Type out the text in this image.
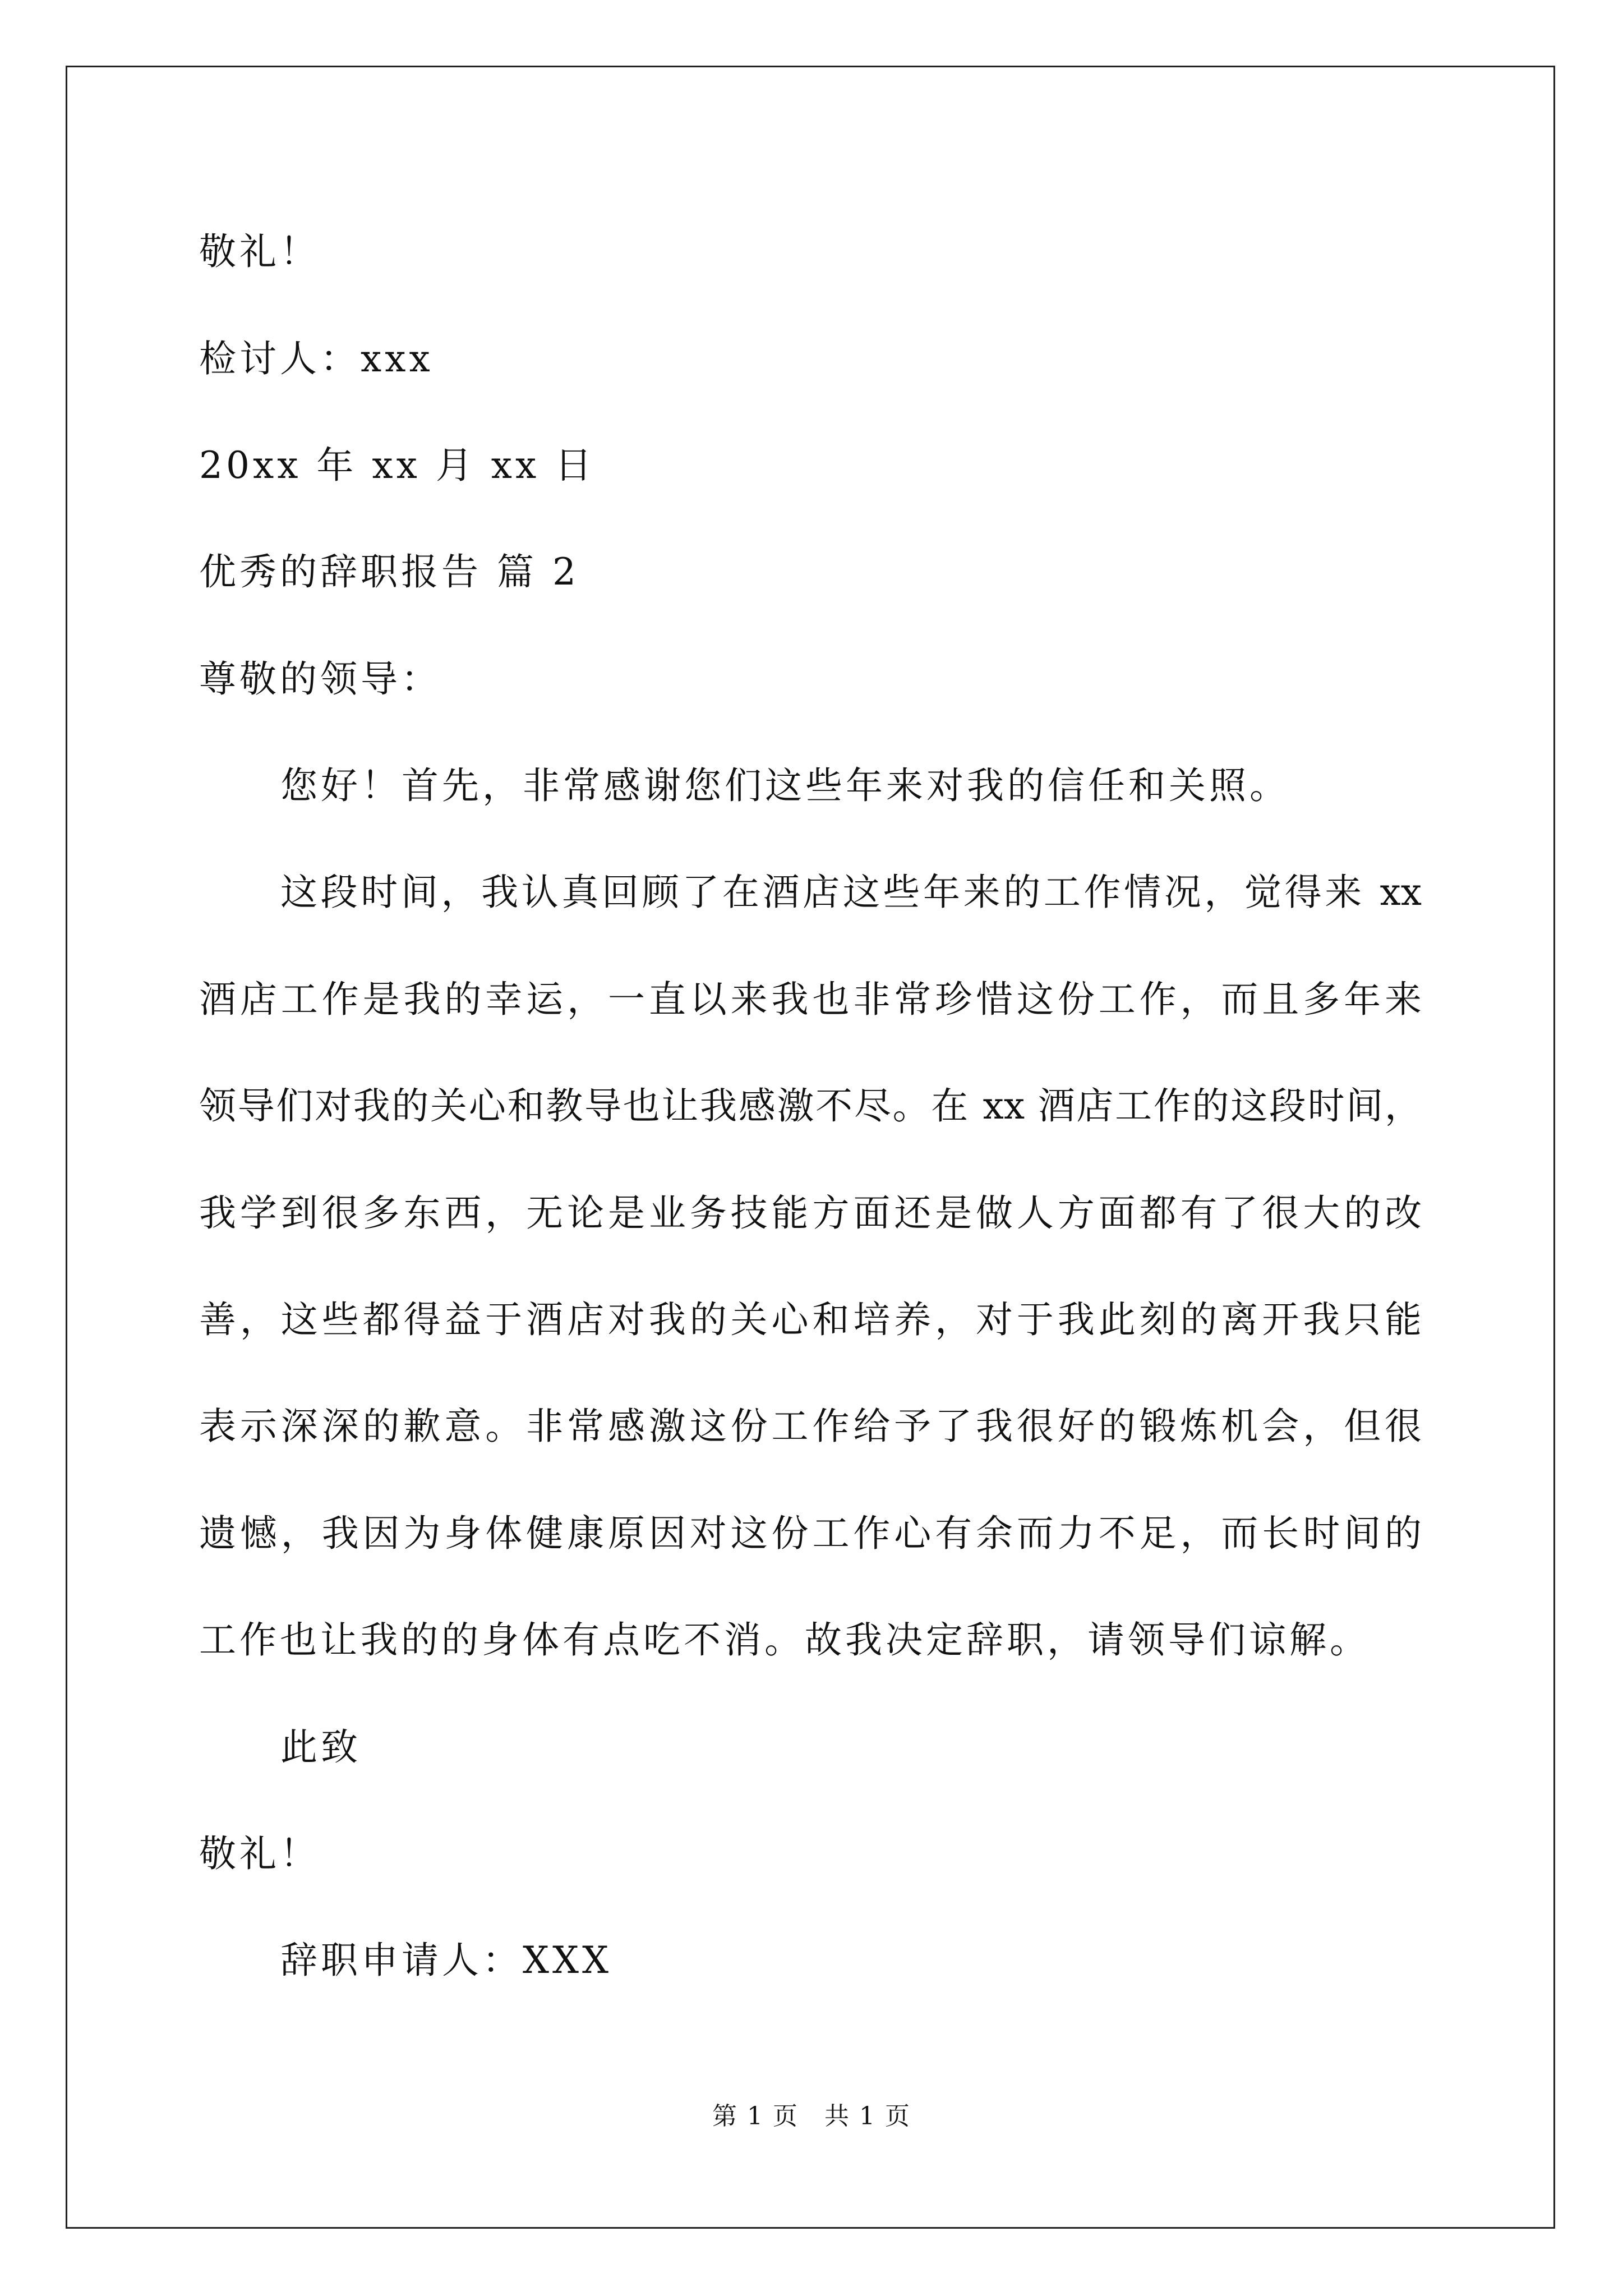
敬礼！
检讨人：xxx
20xx 年 xx 月 xx 日
优秀的辞职报告 篇 2
尊敬的领导：
您好！首先，非常感谢您们这些年来对我的信任和关照。
这段时间，我认真回顾了在酒店这些年来的工作情况，觉得来 xx
酒店工作是我的幸运，一直以来我也非常珍惜这份工作，而且多年来
领导们对我的关心和教导也让我感激不尽。在 xx 酒店工作的这段时间，
我学到很多东西，无论是业务技能方面还是做人方面都有了很大的改
善，这些都得益于酒店对我的关心和培养，对于我此刻的离开我只能
表示深深的歉意。非常感激这份工作给予了我很好的锻炼机会，但很
遗憾，我因为身体健康原因对这份工作心有余而力不足，而长时间的
工作也让我的的身体有点吃不消。故我决定辞职，请领导们谅解。
此致
敬礼！
辞职申请人：XXX
第 1 页　共 1 页
